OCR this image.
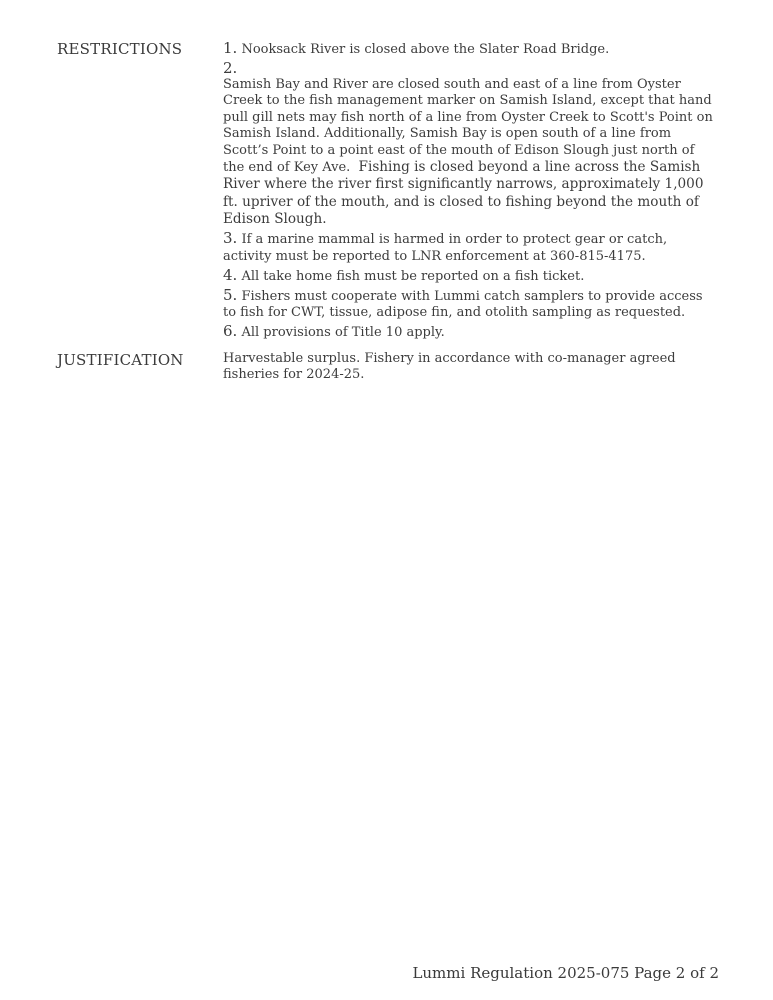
RESTRICTIONS	1. Nooksack River is closed above the Slater Road Bridge.

2.
Samish Bay and River are closed south and east of a line from Oyster Creek to the fish management marker on Samish Island, except that hand pull gill nets may fish north of a line from Oyster Creek to Scott's Point on Samish Island. Additionally, Samish Bay is open south of a line from Scott’s Point to a point east of the mouth of Edison Slough just north of the end of Key Ave. Fishing is closed beyond a line across the Samish River where the river first significantly narrows, approximately 1,000 ft. upriver of the mouth, and is closed to fishing beyond the mouth of Edison Slough.

3. If a marine mammal is harmed in order to protect gear or catch, activity must be reported to LNR enforcement at 360-815-4175.

4. All take home fish must be reported on a fish ticket.

5. Fishers must cooperate with Lummi catch samplers to provide access to fish for CWT, tissue, adipose fin, and otolith sampling as requested.

6. All provisions of Title 10 apply.

JUSTIFICATION	Harvestable surplus. Fishery in accordance with co-manager agreed fisheries for 2024-25.

Lummi Regulation 2025-075 Page 2 of 2
